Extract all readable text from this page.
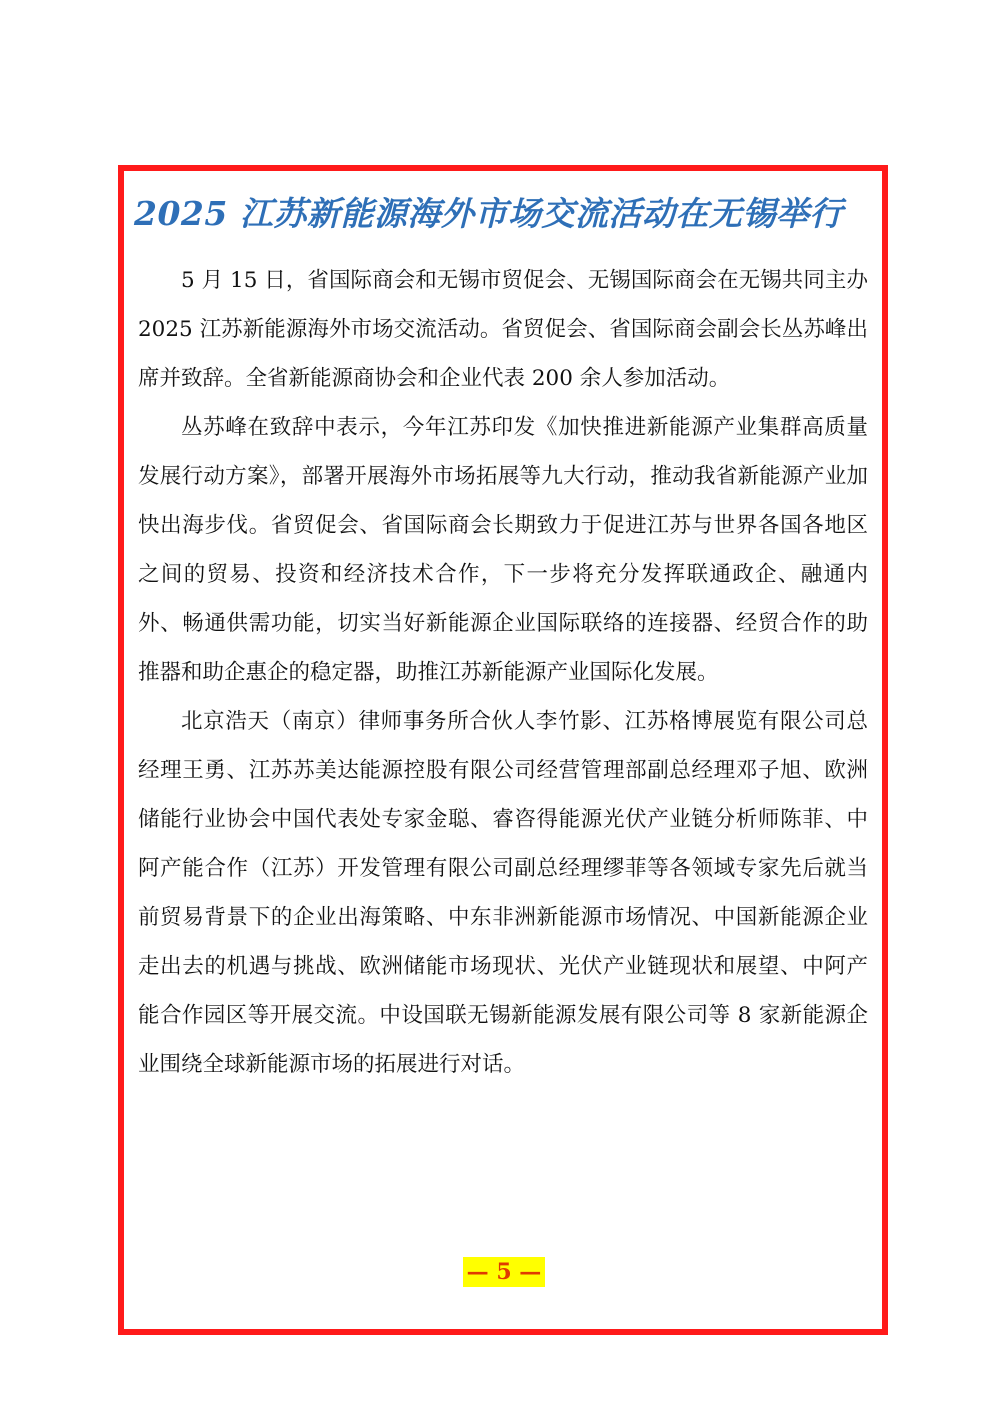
2025 江苏新能源海外市场交流活动在无锡举行

5 月 15 日，省国际商会和无锡市贸促会、无锡国际商会在无锡共同主办 2025 江苏新能源海外市场交流活动。省贸促会、省国际商会副会长丛苏峰出席并致辞。全省新能源商协会和企业代表 200 余人参加活动。

丛苏峰在致辞中表示，今年江苏印发《加快推进新能源产业集群高质量发展行动方案》，部署开展海外市场拓展等九大行动，推动我省新能源产业加快出海步伐。省贸促会、省国际商会长期致力于促进江苏与世界各国各地区之间的贸易、投资和经济技术合作，下一步将充分发挥联通政企、融通内外、畅通供需功能，切实当好新能源企业国际联络的连接器、经贸合作的助推器和助企惠企的稳定器，助推江苏新能源产业国际化发展。

北京浩天（南京）律师事务所合伙人李竹影、江苏格博展览有限公司总经理王勇、江苏苏美达能源控股有限公司经营管理部副总经理邓子旭、欧洲储能行业协会中国代表处专家金聪、睿咨得能源光伏产业链分析师陈菲、中阿产能合作（江苏）开发管理有限公司副总经理缪菲等各领域专家先后就当前贸易背景下的企业出海策略、中东非洲新能源市场情况、中国新能源企业走出去的机遇与挑战、欧洲储能市场现状、光伏产业链现状和展望、中阿产能合作园区等开展交流。中设国联无锡新能源发展有限公司等 8 家新能源企业围绕全球新能源市场的拓展进行对话。

— 5 —
